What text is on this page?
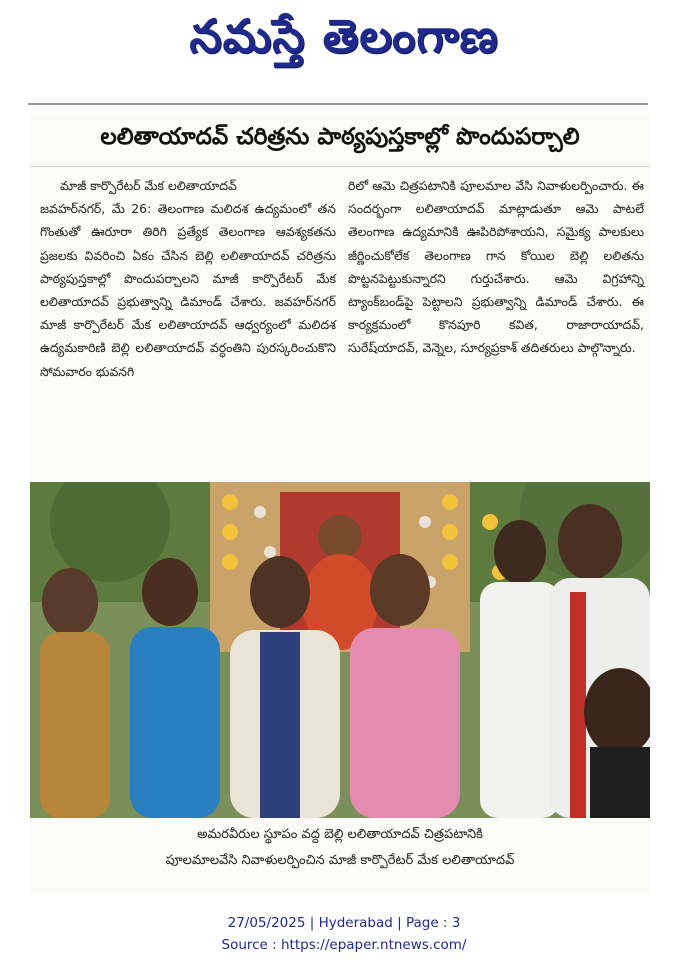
నమస్తే తెలంగాణ
లలితాయాదవ్ చరిత్రను పాఠ్యపుస్తకాల్లో పొందుపర్చాలి

మాజీ కార్పొరేటర్ మేక లలితాయాదవ్

జవహర్‌నగర్, మే 26: తెలంగాణ మలిదశ ఉద్యమంలో తన గొంతుతో ఊరూరా తిరిగి ప్రత్యేక తెలంగాణ ఆవశ్యకతను ప్రజలకు వివరించి ఏకం చేసిన బెల్లి లలితాయాదవ్ చరిత్రను పాఠ్యపుస్తకాల్లో పొందుపర్చాలని మాజీ కార్పొరేటర్ మేక లలితాయాదవ్ ప్రభుత్వాన్ని డిమాండ్ చేశారు. జవహర్‌నగర్ మాజీ కార్పొరేటర్ మేక లలితాయాదవ్ ఆధ్వర్యంలో మలిదశ ఉద్యమకారిణి బెల్లి లలితాయాదవ్ వర్ధంతిని పురస్కరించుకొని సోమవారం భువనగి

రిలో ఆమె చిత్రపటానికి పూలమాల వేసి నివాళులర్పించారు. ఈ సందర్భంగా లలితాయాదవ్ మాట్లాడుతూ ఆమె పాటలే తెలంగాణ ఉద్యమానికి ఊపిరిపోశాయని, సమైక్య పాలకులు జీర్ణించుకోలేక తెలంగాణ గాన కోయిల బెల్లి లలితను పొట్టనపెట్టుకున్నారని గుర్తుచేశారు. ఆమె విగ్రహాన్ని ట్యాంక్‌బండ్‌పై పెట్టాలని ప్రభుత్వాన్ని డిమాండ్ చేశారు. ఈ కార్యక్రమంలో కొనపూరి కవిత, రాజారాయాదవ్, సురేష్‌యాదవ్, వెన్నెల, సూర్యప్రకాశ్ తదితరులు పాల్గొన్నారు.

అమరవీరుల స్థూపం వద్ద బెల్లి లలితాయాదవ్ చిత్రపటానికి
పూలమాలవేసి నివాళులర్పించిన మాజీ కార్పొరేటర్ మేక లలితాయాదవ్
27/05/2025 | Hyderabad | Page : 3
Source : https://epaper.ntnews.com/
